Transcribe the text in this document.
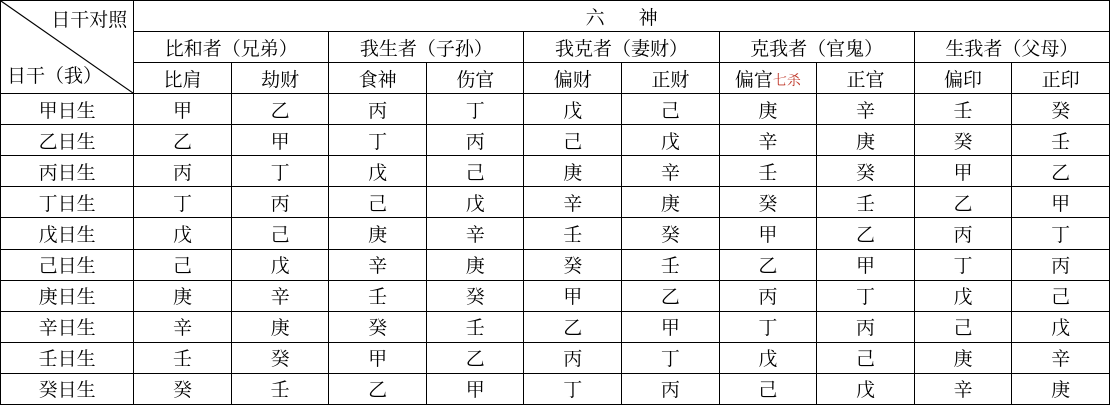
日干对照
日干（我）	六 神									
	比和者（兄弟）		我生者（子孙）		我克者（妻财）		克我者（官鬼）		生我者（父母）	
	比肩	劫财	食神	伤官	偏财	正财	偏官七杀	正官	偏印	正印
甲日生	甲	乙	丙	丁	戊	己	庚	辛	壬	癸
乙日生	乙	甲	丁	丙	己	戊	辛	庚	癸	壬
丙日生	丙	丁	戊	己	庚	辛	壬	癸	甲	乙
丁日生	丁	丙	己	戊	辛	庚	癸	壬	乙	甲
戊日生	戊	己	庚	辛	壬	癸	甲	乙	丙	丁
己日生	己	戊	辛	庚	癸	壬	乙	甲	丁	丙
庚日生	庚	辛	壬	癸	甲	乙	丙	丁	戊	己
辛日生	辛	庚	癸	壬	乙	甲	丁	丙	己	戊
壬日生	壬	癸	甲	乙	丙	丁	戊	己	庚	辛
癸日生	癸	壬	乙	甲	丁	丙	己	戊	辛	庚
